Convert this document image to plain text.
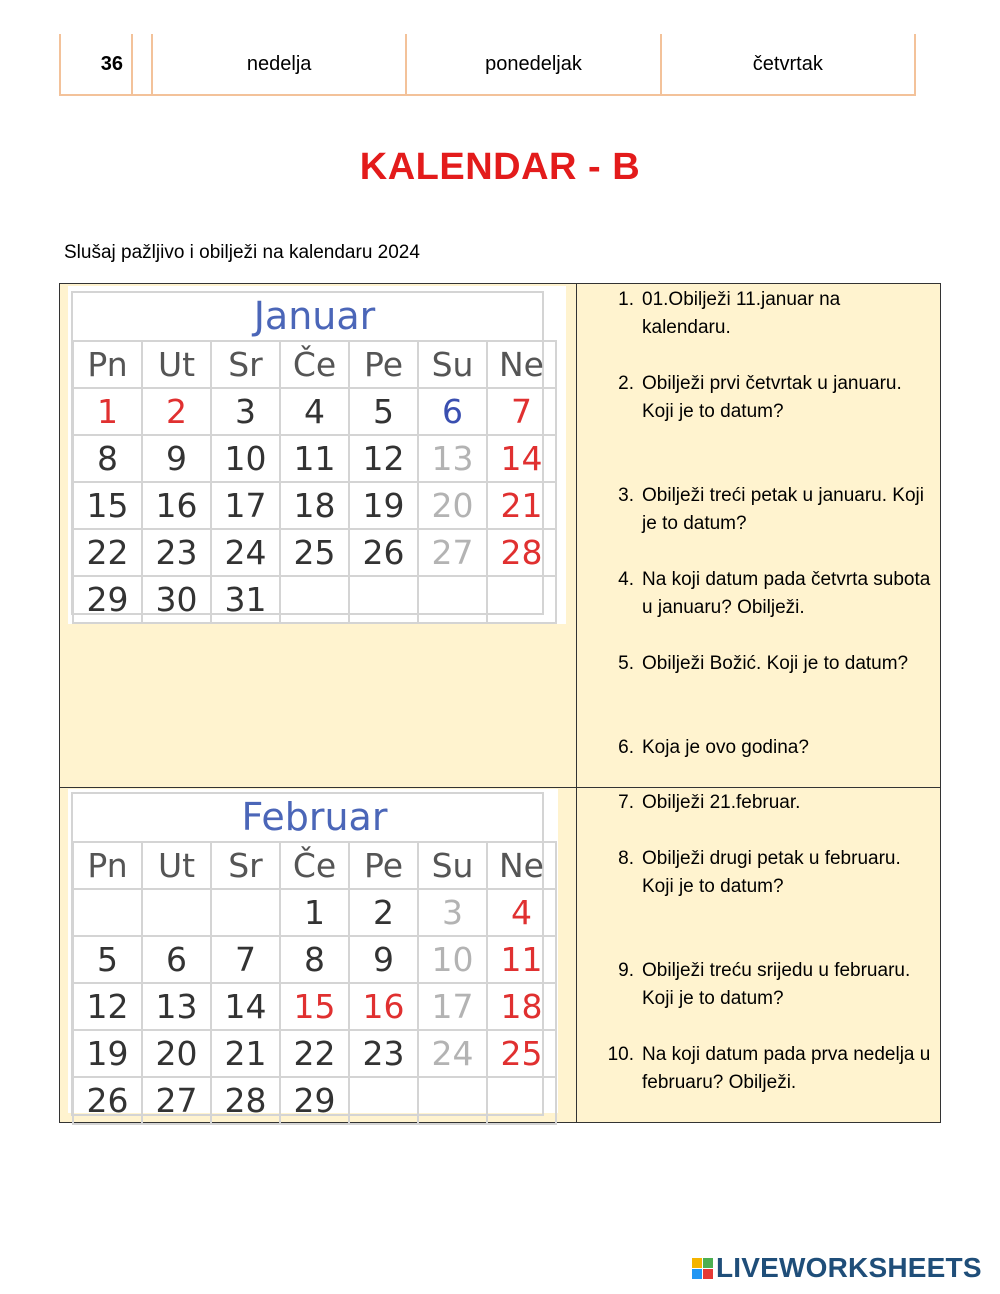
36	nedelja	ponedeljak	četvrtak
KALENDAR - B
Slušaj pažljivo i obilježi na kalendaru 2024
Januar						
Pn	Ut	Sr	Če	Pe	Su	Ne
1	2	3	4	5	6	7
8	9	10	11	12	13	14
15	16	17	18	19	20	21
22	23	24	25	26	27	28
29	30	31				
Februar						
Pn	Ut	Sr	Če	Pe	Su	Ne
			1	2	3	4
5	6	7	8	9	10	11
12	13	14	15	16	17	18
19	20	21	22	23	24	25
26	27	28	29			
1. 01.Obilježi 11.januar na kalendaru.
2. Obilježi prvi četvrtak u januaru. Koji je to datum?
3. Obilježi treći petak u januaru. Koji je to datum?
4. Na koji datum pada četvrta subota u januaru? Obilježi.
5. Obilježi Božić. Koji je to datum?
6. Koja je ovo godina?
7. Obilježi 21.februar.
8. Obilježi drugi petak u februaru. Koji je to datum?
9. Obilježi treću srijedu u februaru. Koji je to datum?
10. Na koji datum pada prva nedelja u februaru? Obilježi.
LIVEWORKSHEETS
